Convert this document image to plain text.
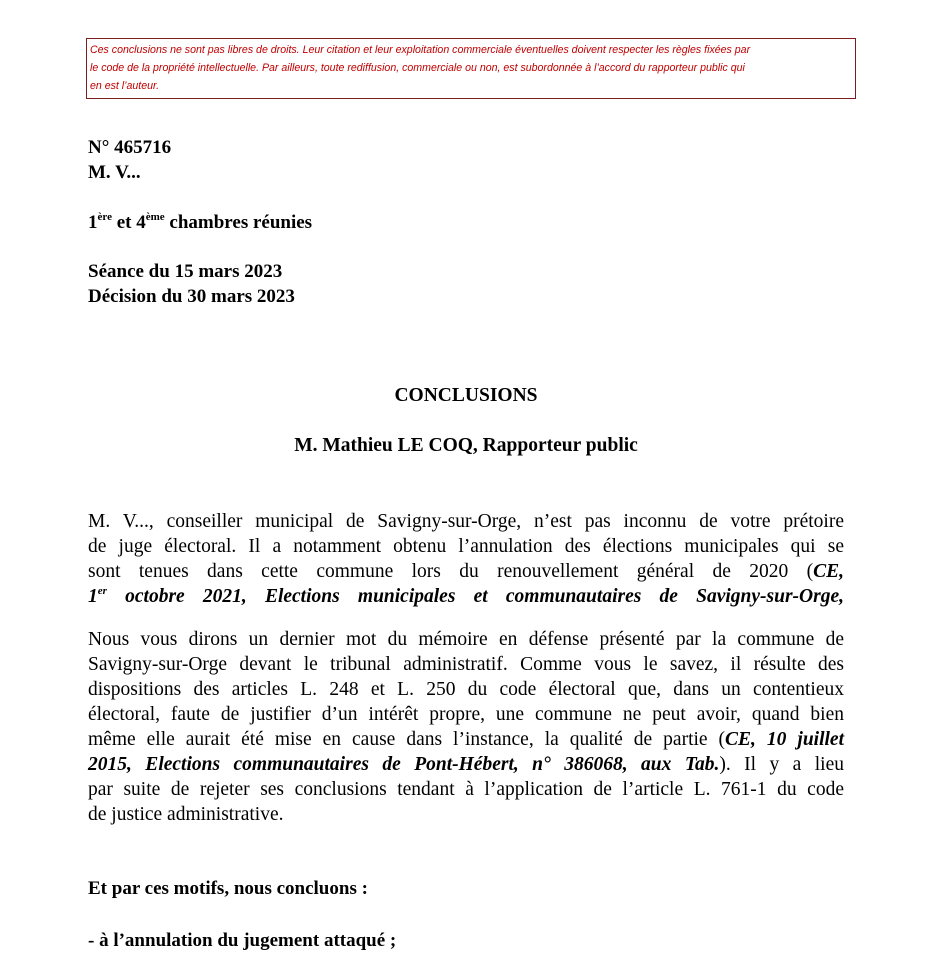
Ces conclusions ne sont pas libres de droits. Leur citation et leur exploitation commerciale éventuelles doivent respecter les règles fixées par
le code de la propriété intellectuelle. Par ailleurs, toute rediffusion, commerciale ou non, est subordonnée à l’accord du rapporteur public qui
en est l’auteur.
N° 465716
M. V...
1ère et 4ème chambres réunies
Séance du 15 mars 2023
Décision du 30 mars 2023
CONCLUSIONS
M. Mathieu LE COQ, Rapporteur public
M. V..., conseiller municipal de Savigny-sur-Orge, n’est pas inconnu de votre prétoire
de juge électoral. Il a notamment obtenu l’annulation des élections municipales qui se
sont tenues dans cette commune lors du renouvellement général de 2020 (CE,
1er octobre 2021, Elections municipales et communautaires de Savigny-sur-Orge,
Nous vous dirons un dernier mot du mémoire en défense présenté par la commune de
Savigny-sur-Orge devant le tribunal administratif. Comme vous le savez, il résulte des
dispositions des articles L. 248 et L. 250 du code électoral que, dans un contentieux
électoral, faute de justifier d’un intérêt propre, une commune ne peut avoir, quand bien
même elle aurait été mise en cause dans l’instance, la qualité de partie (CE, 10 juillet
2015, Elections communautaires de Pont-Hébert, n° 386068, aux Tab.). Il y a lieu
par suite de rejeter ses conclusions tendant à l’application de l’article L. 761-1 du code
de justice administrative.
Et par ces motifs, nous concluons :
- à l’annulation du jugement attaqué ;
